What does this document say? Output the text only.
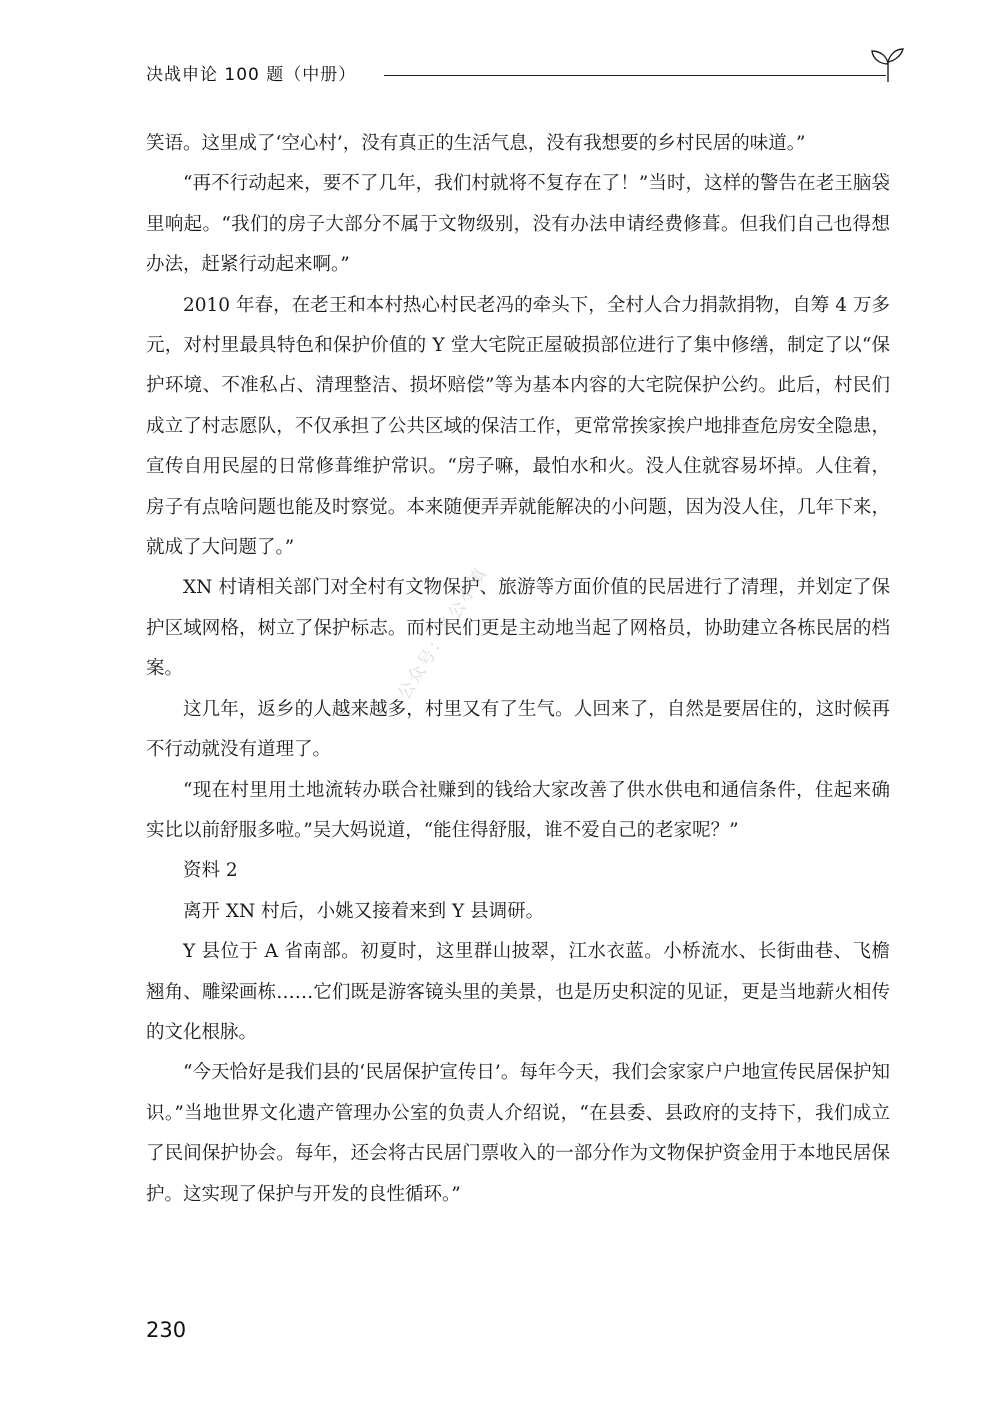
决战申论 100 题（中册）

笑语。这里成了‘空心村’，没有真正的生活气息，没有我想要的乡村民居的味道。”

“再不行动起来，要不了几年，我们村就将不复存在了！”当时，这样的警告在老王脑袋里响起。“我们的房子大部分不属于文物级别，没有办法申请经费修葺。但我们自己也得想办法，赶紧行动起来啊。”

2010 年春，在老王和本村热心村民老冯的牵头下，全村人合力捐款捐物，自筹 4 万多元，对村里最具特色和保护价值的 Y 堂大宅院正屋破损部位进行了集中修缮，制定了以“保护环境、不准私占、清理整洁、损坏赔偿”等为基本内容的大宅院保护公约。此后，村民们成立了村志愿队，不仅承担了公共区域的保洁工作，更常常挨家挨户地排查危房安全隐患，宣传自用民屋的日常修葺维护常识。“房子嘛，最怕水和火。没人住就容易坏掉。人住着，房子有点啥问题也能及时察觉。本来随便弄弄就能解决的小问题，因为没人住，几年下来，就成了大问题了。”

XN 村请相关部门对全村有文物保护、旅游等方面价值的民居进行了清理，并划定了保护区域网格，树立了保护标志。而村民们更是主动地当起了网格员，协助建立各栋民居的档案。

这几年，返乡的人越来越多，村里又有了生气。人回来了，自然是要居住的，这时候再不行动就没有道理了。

“现在村里用土地流转办联合社赚到的钱给大家改善了供水供电和通信条件，住起来确实比以前舒服多啦。”吴大妈说道，“能住得舒服，谁不爱自己的老家呢？”

资料 2

离开 XN 村后，小姚又接着来到 Y 县调研。

Y 县位于 A 省南部。初夏时，这里群山披翠，江水衣蓝。小桥流水、长街曲巷、飞檐翘角、雕梁画栋……它们既是游客镜头里的美景，也是历史积淀的见证，更是当地薪火相传的文化根脉。

“今天恰好是我们县的‘民居保护宣传日’。每年今天，我们会家家户户地宣传民居保护知识。”当地世界文化遗产管理办公室的负责人介绍说，“在县委、县政府的支持下，我们成立了民间保护协会。每年，还会将古民居门票收入的一部分作为文物保护资金用于本地民居保护。这实现了保护与开发的良性循环。”

公众号：考公小镇
230
